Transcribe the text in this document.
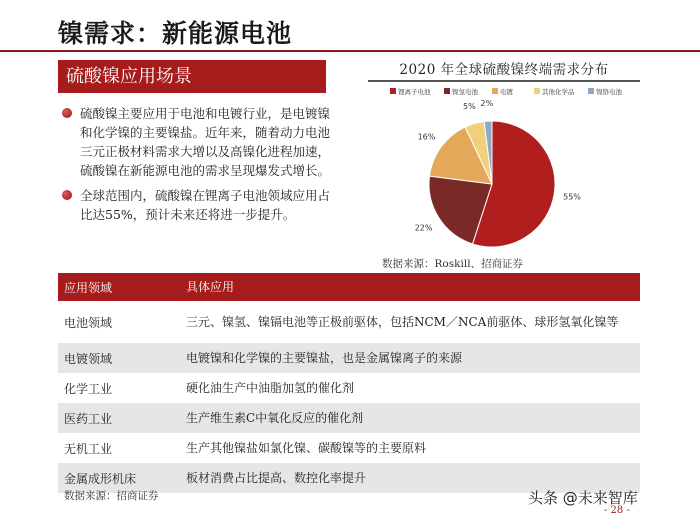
镍需求：新能源电池
硫酸镍应用场景
硫酸镍主要应用于电池和电镀行业，是电镀镍和化学镍的主要镍盐。近年来，随着动力电池三元正极材料需求大增以及高镍化进程加速，硫酸镍在新能源电池的需求呈现爆发式增长。
全球范围内，硫酸镍在锂离子电池领域应用占比达55%，预计未来还将进一步提升。
2020 年全球硫酸镍终端需求分布
锂离子电池	镍氢电池	电镀	其他化学品	镍铬电池
55%
22%
16%
5% 2%
数据来源：Roskill、招商证券
应用领域	具体应用
电池领域	三元、镍氢、镍镉电池等正极前驱体，包括NCM／NCA前驱体、球形氢氧化镍等
电镀领域	电镀镍和化学镍的主要镍盐，也是金属镍离子的来源
化学工业	硬化油生产中油脂加氢的催化剂
医药工业	生产维生素C中氧化反应的催化剂
无机工业	生产其他镍盐如氯化镍、碳酸镍等的主要原料
金属成形机床	板材消费占比提高、数控化率提升
数据来源：招商证券	头条 @未来智库
- 28 -
